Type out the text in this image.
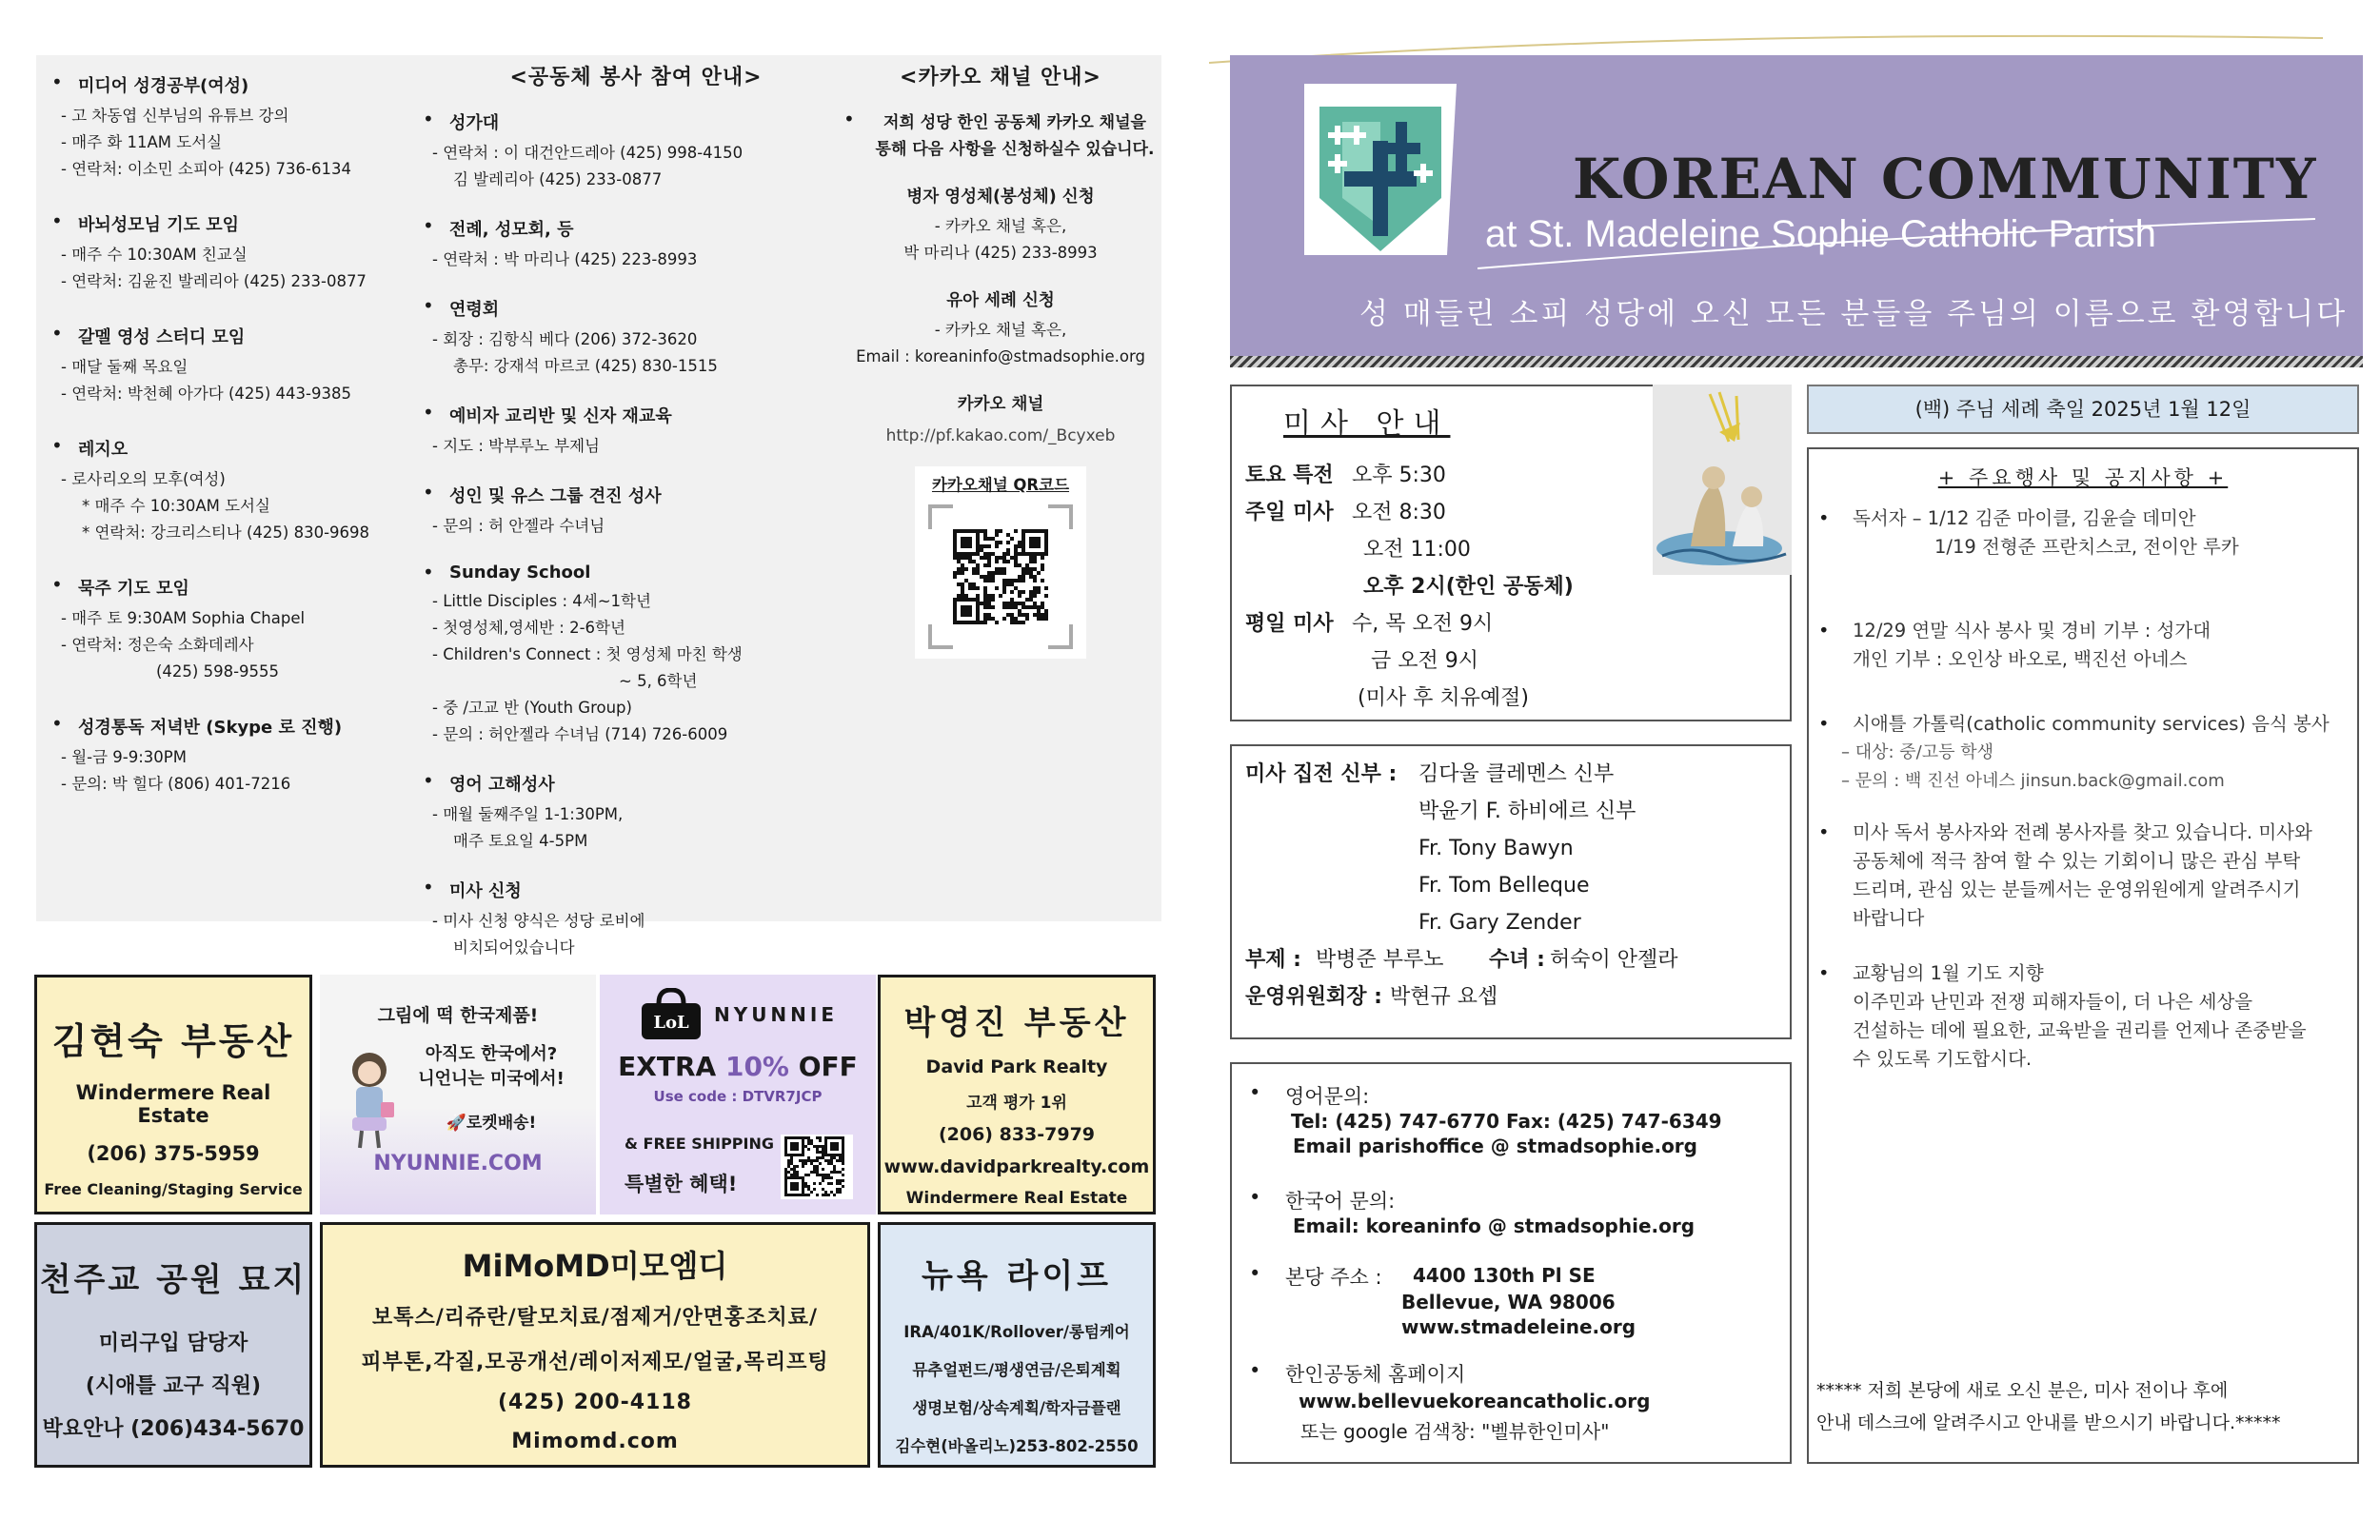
• 미디어 성경공부(여성)
- 고 차동엽 신부님의 유튜브 강의
- 매주 화 11AM 도서실
- 연락처: 이소민 소피아 (425) 736-6134
• 바뇌성모님 기도 모임
- 매주 수 10:30AM 친교실
- 연락처: 김윤진 발레리아 (425) 233-0877
• 갈멜 영성 스터디 모임
- 매달 둘째 목요일
- 연락처: 박천혜 아가다 (425) 443-9385
• 레지오
- 로사리오의 모후(여성)
* 매주 수 10:30AM 도서실
* 연락처: 강크리스티나 (425) 830-9698
• 묵주 기도 모임
- 매주 토 9:30AM Sophia Chapel
- 연락처: 정은숙 소화데레사
(425) 598-9555
• 성경통독 저녁반 (Skype 로 진행)
- 월-금 9-9:30PM
- 문의: 박 힐다 (806) 401-7216
<공동체 봉사 참여 안내>
• 성가대
- 연락처 : 이 대건안드레아 (425) 998-4150
김 발레리아 (425) 233-0877
• 전례, 성모회, 등
- 연락처 : 박 마리나 (425) 223-8993
• 연령회
- 회장 : 김항식 베다 (206) 372-3620
총무: 강재석 마르코 (425) 830-1515
• 예비자 교리반 및 신자 재교육
- 지도 : 박부루노 부제님
• 성인 및 유스 그룹 견진 성사
- 문의 : 허 안젤라 수녀님
• Sunday School
- Little Disciples : 4세~1학년
- 첫영성체,영세반 : 2-6학년
- Children's Connect : 첫 영성체 마친 학생
~ 5, 6학년
- 중 /고교 반 (Youth Group)
- 문의 : 허안젤라 수녀님 (714) 726-6009
• 영어 고해성사
- 매월 둘째주일 1-1:30PM,
매주 토요일 4-5PM
• 미사 신청
- 미사 신청 양식은 성당 로비에
비치되어있습니다
<카카오 채널 안내>
• 저희 성당 한인 공동체 카카오 채널을
통해 다음 사항을 신청하실수 있습니다.
병자 영성체(봉성체) 신청
- 카카오 채널 혹은,
박 마리나 (425) 233-8993
유아 세례 신청
- 카카오 채널 혹은,
Email : koreaninfo@stmadsophie.org
카카오 채널
http://pf.kakao.com/_Bcyxeb
카카오채널 QR코드
김현숙 부동산
Windermere Real Estate
(206) 375-5959
Free Cleaning/Staging Service
그림에 떡 한국제품!
아직도 한국에서?
니언니는 미국에서!
🚀로켓배송!
NYUNNIE.COM
LoL NYUNNIE
EXTRA 10% OFF
Use code : DTVR7JCP
& FREE SHIPPING
특별한 혜택!
박영진 부동산
David Park Realty
고객 평가 1위
(206) 833-7979
www.davidparkrealty.com
Windermere Real Estate
천주교 공원 묘지
미리구입 담당자
(시애틀 교구 직원)
박요안나 (206)434-5670
MiMoMD미모엠디
보톡스/리쥬란/탈모치료/점제거/안면홍조치료/
피부톤,각질,모공개선/레이저제모/얼굴,목리프팅
(425) 200-4118
Mimomd.com
뉴욕 라이프
IRA/401K/Rollover/롱텀케어
뮤추얼펀드/평생연금/은퇴계획
생명보험/상속계획/학자금플랜
김수현(바올리노)253-802-2550
KOREAN COMMUNITY
at St. Madeleine Sophie Catholic Parish
성 매들린 소피 성당에 오신 모든 분들을 주님의 이름으로 환영합니다
미사 안내
토요 특전 오후 5:30
주일 미사 오전 8:30
오전 11:00
오후 2시(한인 공동체)
평일 미사 수, 목 오전 9시
금 오전 9시
(미사 후 치유예절)
미사 집전 신부 : 김다울 클레멘스 신부
박윤기 F. 하비에르 신부
Fr. Tony Bawyn
Fr. Tom Belleque
Fr. Gary Zender
부제 : 박병준 부루노 수녀 : 허숙이 안젤라
운영위원회장 : 박현규 요셉
• 영어문의:
Tel: (425) 747-6770 Fax: (425) 747-6349
Email parishoffice @ stmadsophie.org
• 한국어 문의:
Email: koreaninfo @ stmadsophie.org
• 본당 주소 : 4400 130th Pl SE
Bellevue, WA 98006
www.stmadeleine.org
• 한인공동체 홈페이지
www.bellevuekoreancatholic.org
또는 google 검색창: "벨뷰한인미사"
(백) 주님 세례 축일 2025년 1월 12일
+ 주요행사 및 공지사항 +
• 독서자 – 1/12 김준 마이클, 김윤슬 데미안
1/19 전형준 프란치스코, 전이안 루카
• 12/29 연말 식사 봉사 및 경비 기부 : 성가대
개인 기부 : 오인상 바오로, 백진선 아네스
• 시애틀 가톨릭(catholic community services) 음식 봉사
– 대상: 중/고등 학생
– 문의 : 백 진선 아네스 jinsun.back@gmail.com
• 미사 독서 봉사자와 전례 봉사자를 찾고 있습니다. 미사와
공동체에 적극 참여 할 수 있는 기회이니 많은 관심 부탁
드리며, 관심 있는 분들께서는 운영위원에게 알려주시기
바랍니다
• 교황님의 1월 기도 지향
이주민과 난민과 전쟁 피해자들이, 더 나은 세상을
건설하는 데에 필요한, 교육받을 권리를 언제나 존중받을
수 있도록 기도합시다.
***** 저희 본당에 새로 오신 분은, 미사 전이나 후에
안내 데스크에 알려주시고 안내를 받으시기 바랍니다.*****
